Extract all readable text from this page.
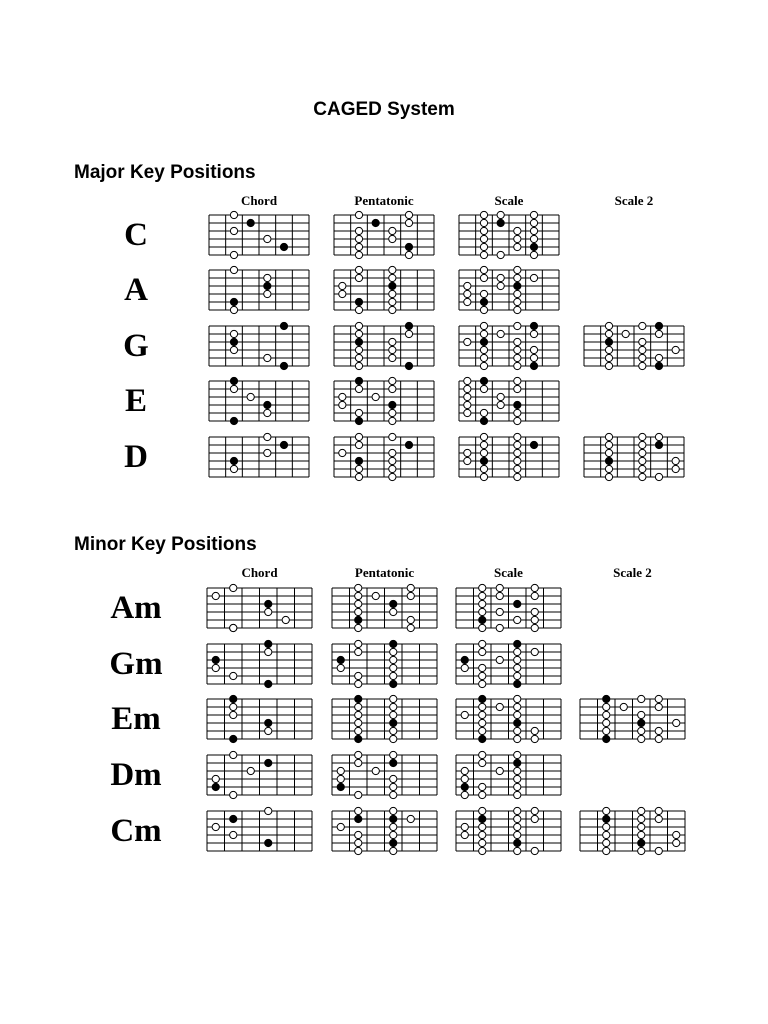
CAGED System
Major Key Positions
Chord	Pentatonic	Scale	Scale 2
C
A
G
E
D
Minor Key Positions
Chord	Pentatonic	Scale	Scale 2
Am
Gm
Em
Dm
Cm
